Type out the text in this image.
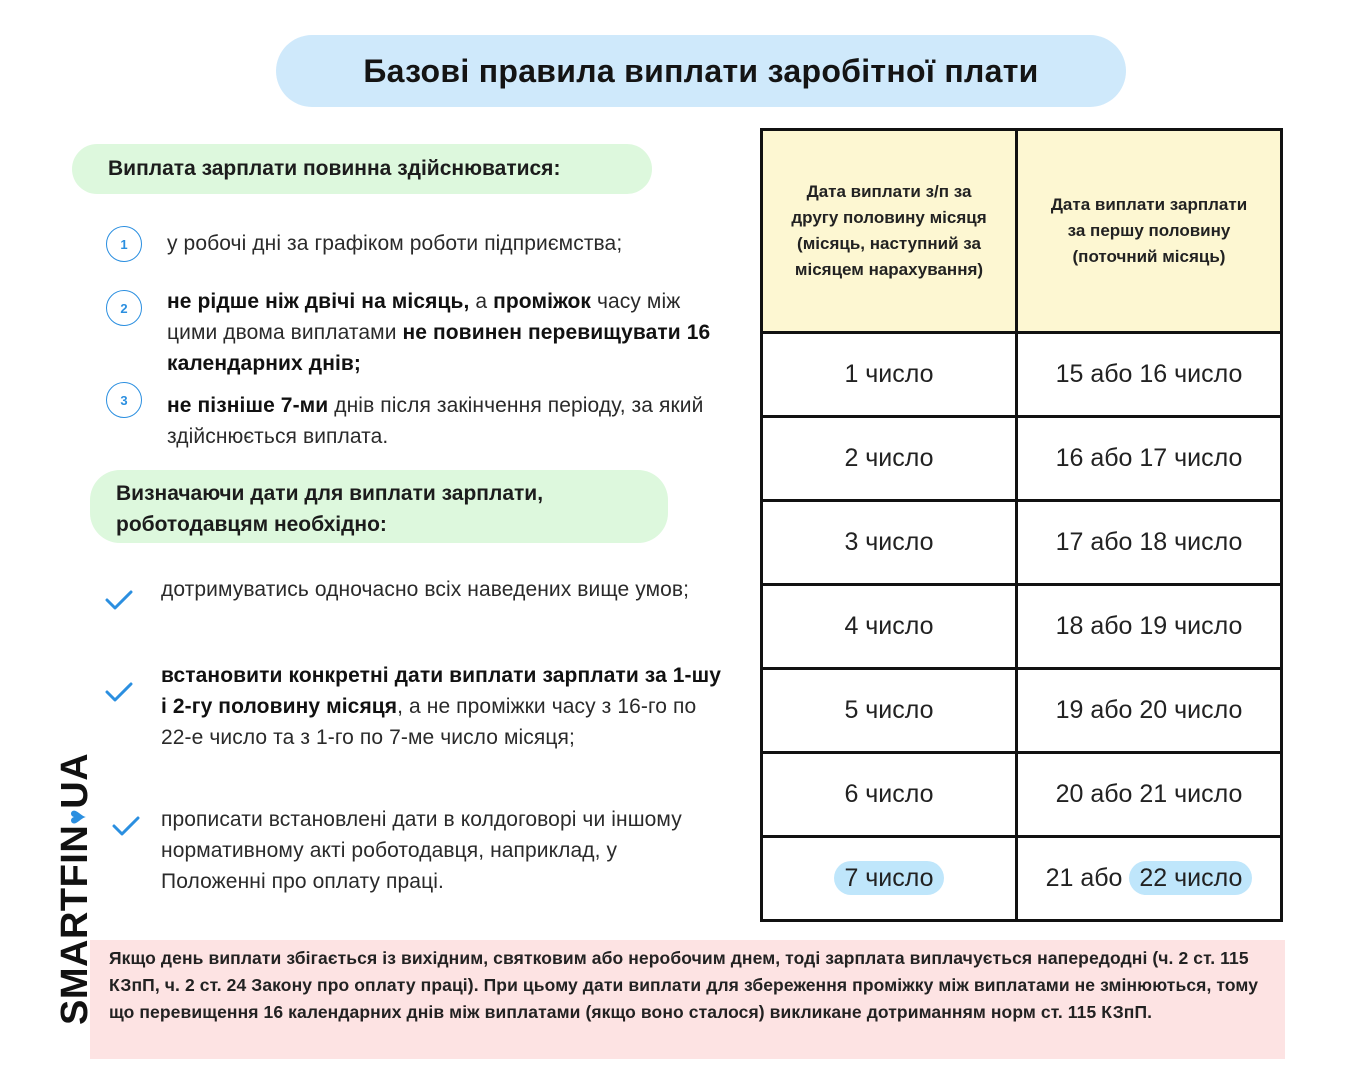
Базові правила виплати заробітної плати
Виплата зарплати повинна здійснюватися:
1	у робочі дні за графіком роботи підприємства;
2	не рідше ніж двічі на місяць, а проміжок часу між цими двома виплатами не повинен перевищувати 16 календарних днів;
3	не пізніше 7-ми днів після закінчення періоду, за який здійснюється виплата.
Визначаючи дати для виплати зарплати,
роботодавцям необхідно:
дотримуватись одночасно всіх наведених вище умов;
встановити конкретні дати виплати зарплати за 1-шу і 2-гу половину місяця, а не проміжки часу з 16-го по 22-е число та з 1-го по 7-ме число місяця;
прописати встановлені дати в колдоговорі чи іншому нормативному акті роботодавця, наприклад, у Положенні про оплату праці.
Дата виплати з/п за другу половину місяця (місяць, наступний за місяцем нарахування)	Дата виплати зарплати за першу половину (поточний місяць)

1 число	15 або 16 число
2 число	16 або 17 число
3 число	17 або 18 число
4 число	18 або 19 число
5 число	19 або 20 число
6 число	20 або 21 число
7 число	21 або 22 число
Якщо день виплати збігається із вихідним, святковим або неробочим днем, тоді зарплата виплачується напередодні (ч. 2 ст. 115 КЗпП, ч. 2 ст. 24 Закону про оплату праці). При цьому дати виплати для збереження проміжку між виплатами не змінюються, тому що перевищення 16 календарних днів між виплатами (якщо воно сталося) викликане дотриманням норм ст. 115 КЗпП.
SMARTFIN♥UA
